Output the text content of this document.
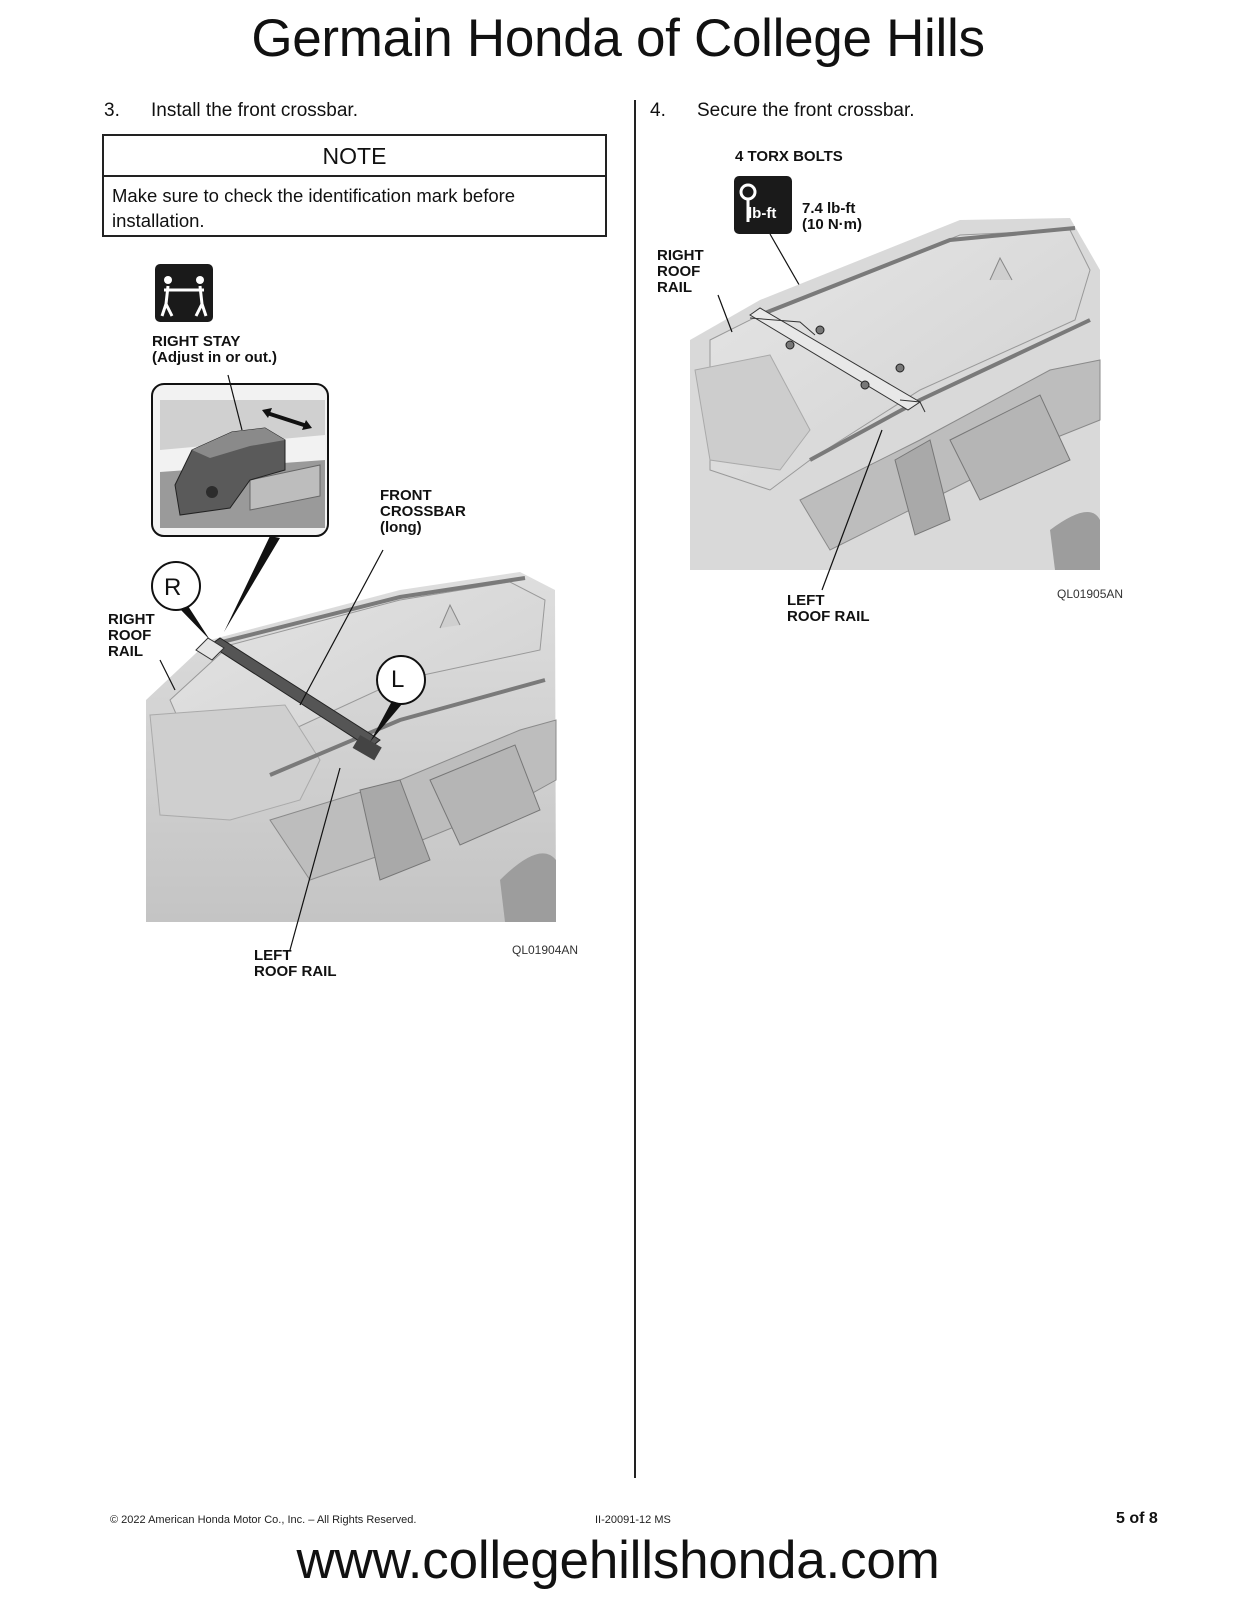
Germain Honda of College Hills
3. Install the front crossbar.
NOTE
Make sure to check the identification mark before installation.
R
L
RIGHT STAY
(Adjust in or out.)
FRONT
CROSSBAR
(long)
RIGHT
ROOF
RAIL
LEFT
ROOF RAIL
QL01904AN
4. Secure the front crossbar.
4 TORX BOLTS
lb-ft 7.4 lb-ft
(10 N·m)
RIGHT
ROOF
RAIL
LEFT
ROOF RAIL
QL01905AN
© 2022 American Honda Motor Co., Inc. – All Rights Reserved.	II-20091-12 MS	5 of 8
www.collegehillshonda.com
